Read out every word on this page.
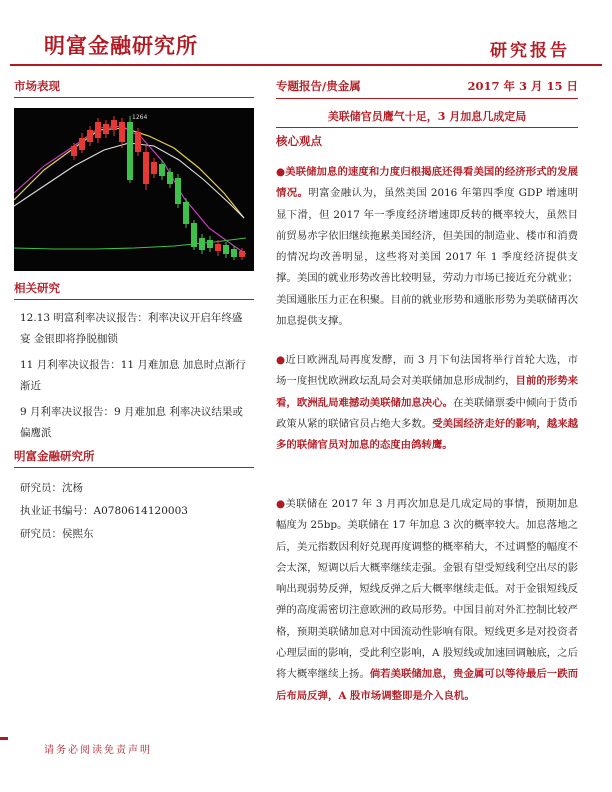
明富金融研究所	研究报告
市场表现
1264
相关研究
12.13 明富利率决议报告：利率决议开启年终盛宴 金银即将挣脱枷锁
11 月利率决议报告：11 月难加息 加息时点渐行渐近
9 月利率决议报告：9 月难加息 利率决议结果或偏鹰派
明富金融研究所
研究员：沈杨
执业证书编号：A0780614120003
研究员：侯熙东
专题报告/贵金属	2017 年 3 月 15 日
美联储官员鹰气十足，3 月加息几成定局
核心观点
●美联储加息的速度和力度归根揭底还得看美国的经济形式的发展情况。明富金融认为，虽然美国 2016 年第四季度 GDP 增速明显下滑，但 2017 年一季度经济增速即反转的概率较大，虽然目前贸易赤字依旧继续拖累美国经济，但美国的制造业、楼市和消费的情况均改善明显，这些将对美国 2017 年 1 季度经济提供支撑。美国的就业形势改善比较明显，劳动力市场已接近充分就业；美国通胀压力正在积聚。目前的就业形势和通胀形势为美联储再次加息提供支撑。
●近日欧洲乱局再度发酵，而 3 月下旬法国将举行首轮大选，市场一度担忧欧洲政坛乱局会对美联储加息形成制约，目前的形势来看，欧洲乱局难撼动美联储加息决心。在美联储票委中倾向于货币政策从紧的联储官员占绝大多数。受美国经济走好的影响，越来越多的联储官员对加息的态度由鸽转鹰。
●美联储在 2017 年 3 月再次加息是几成定局的事情，预期加息幅度为 25bp。美联储在 17 年加息 3 次的概率较大。加息落地之后，美元指数因利好兑现再度调整的概率稍大，不过调整的幅度不会太深，短调以后大概率继续走强。金银有望受短线利空出尽的影响出现弱势反弹，短线反弹之后大概率继续走低。对于金银短线反弹的高度需密切注意欧洲的政局形势。中国目前对外汇控制比较严格，预期美联储加息对中国流动性影响有限。短线更多是对投资者心理层面的影响，受此利空影响，A 股短线或加速回调触底，之后将大概率继续上扬。倘若美联储加息，贵金属可以等待最后一跌而后布局反弹，A 股市场调整即是介入良机。
请务必阅读免责声明
